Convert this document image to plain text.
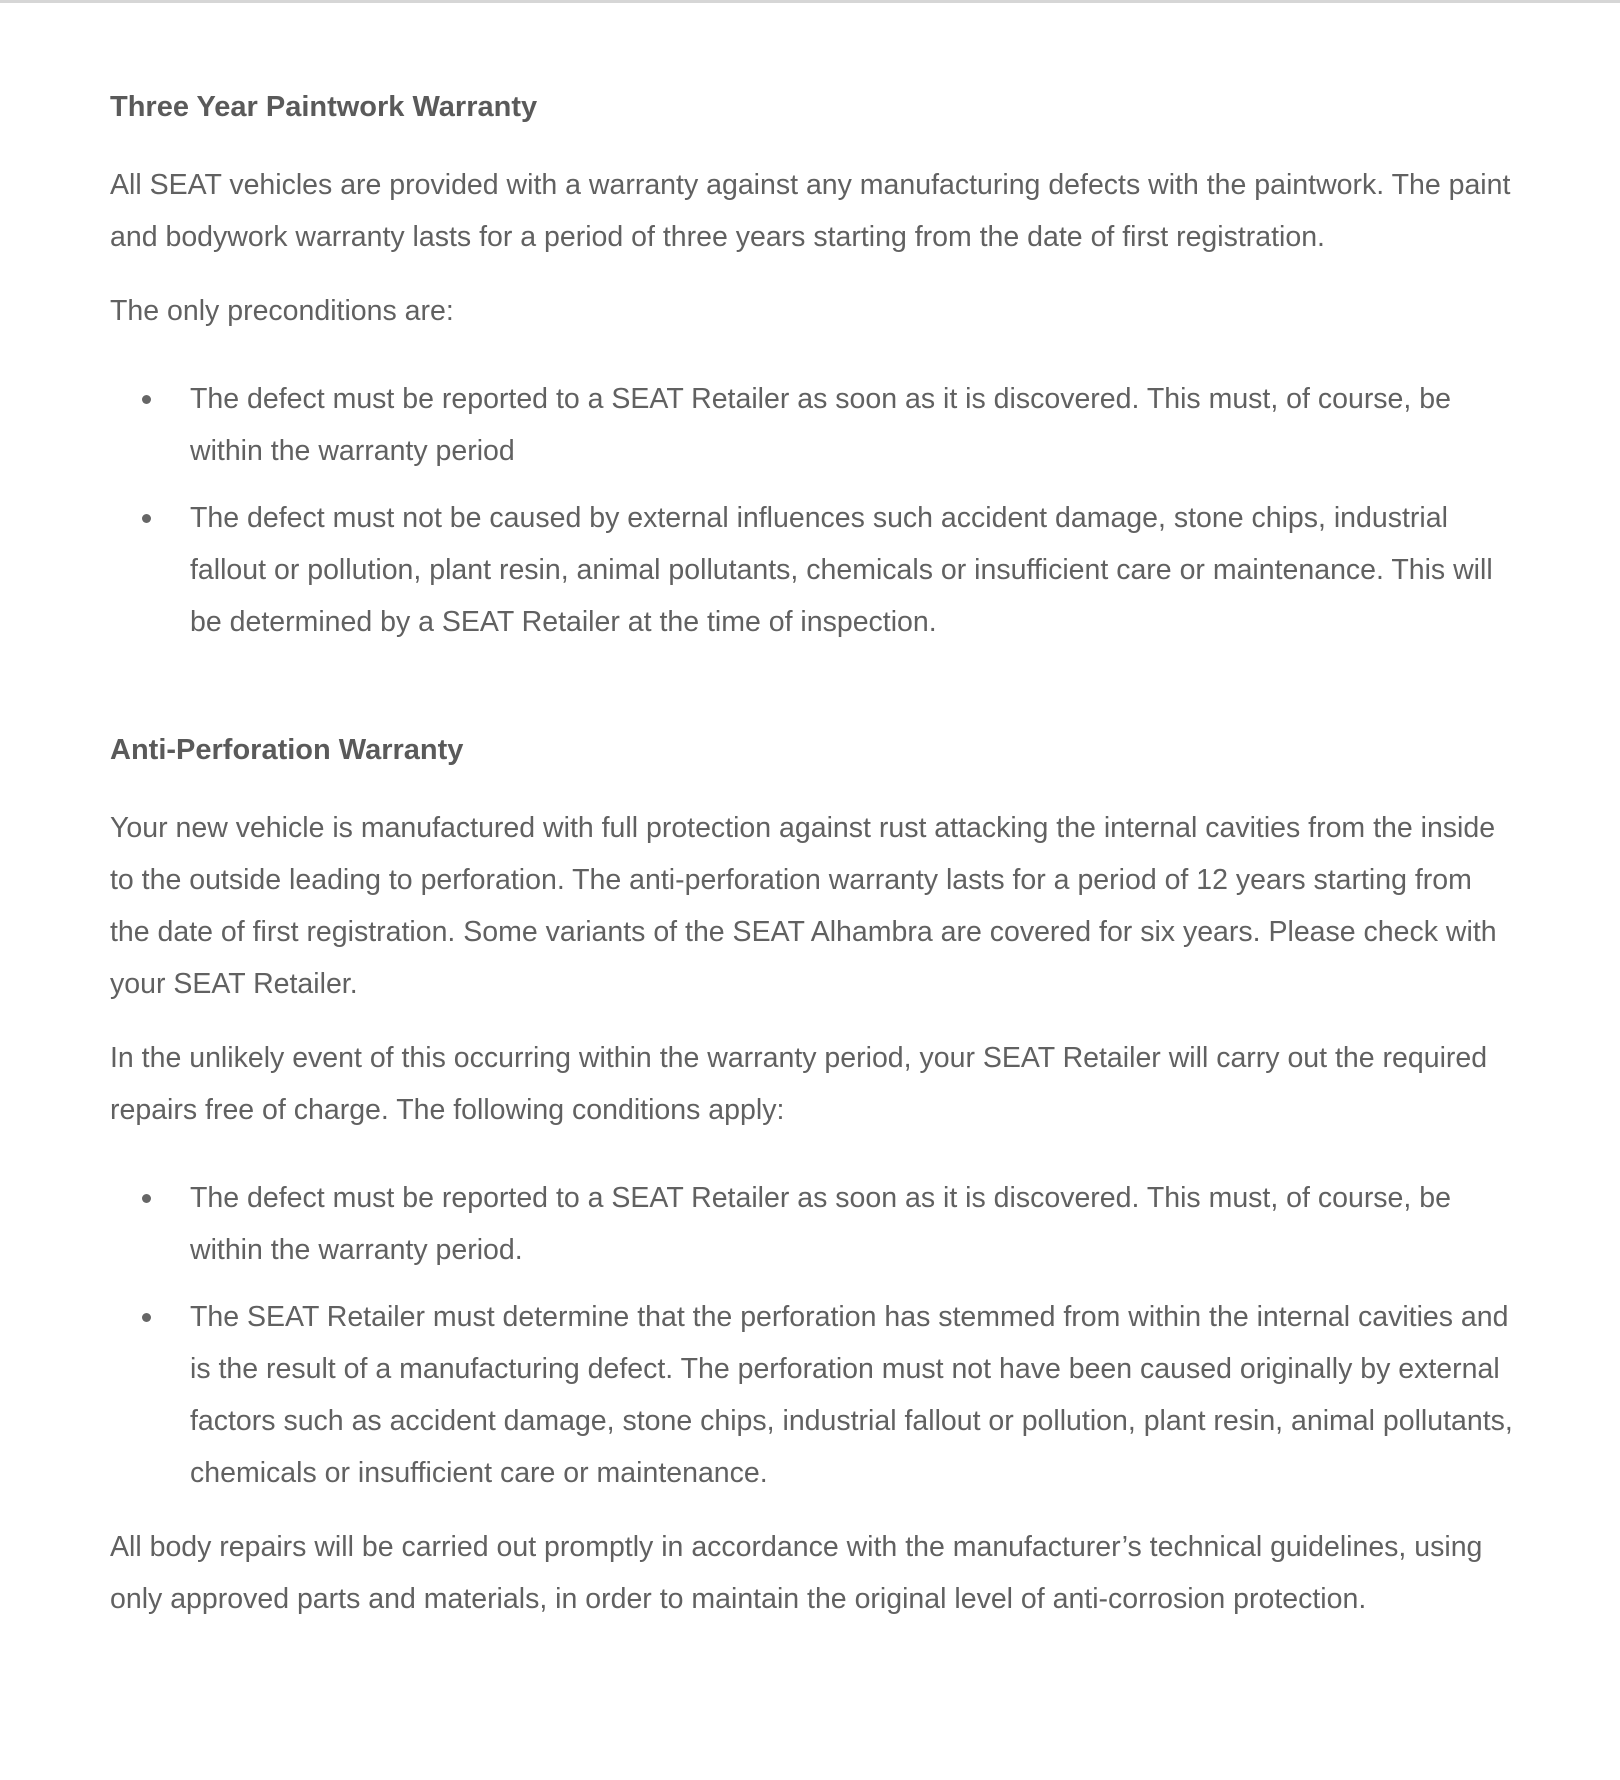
Three Year Paintwork Warranty

All SEAT vehicles are provided with a warranty against any manufacturing defects with the paintwork. The paint and bodywork warranty lasts for a period of three years starting from the date of first registration.

The only preconditions are:

The defect must be reported to a SEAT Retailer as soon as it is discovered. This must, of course, be within the warranty period
The defect must not be caused by external influences such accident damage, stone chips, industrial fallout or pollution, plant resin, animal pollutants, chemicals or insufficient care or maintenance. This will be determined by a SEAT Retailer at the time of inspection.
Anti-Perforation Warranty

Your new vehicle is manufactured with full protection against rust attacking the internal cavities from the inside to the outside leading to perforation. The anti-perforation warranty lasts for a period of 12 years starting from the date of first registration. Some variants of the SEAT Alhambra are covered for six years. Please check with your SEAT Retailer.

In the unlikely event of this occurring within the warranty period, your SEAT Retailer will carry out the required repairs free of charge. The following conditions apply:

The defect must be reported to a SEAT Retailer as soon as it is discovered. This must, of course, be within the warranty period.
The SEAT Retailer must determine that the perforation has stemmed from within the internal cavities and is the result of a manufacturing defect. The perforation must not have been caused originally by external factors such as accident damage, stone chips, industrial fallout or pollution, plant resin, animal pollutants, chemicals or insufficient care or maintenance.

All body repairs will be carried out promptly in accordance with the manufacturer’s technical guidelines, using only approved parts and materials, in order to maintain the original level of anti-corrosion protection.
